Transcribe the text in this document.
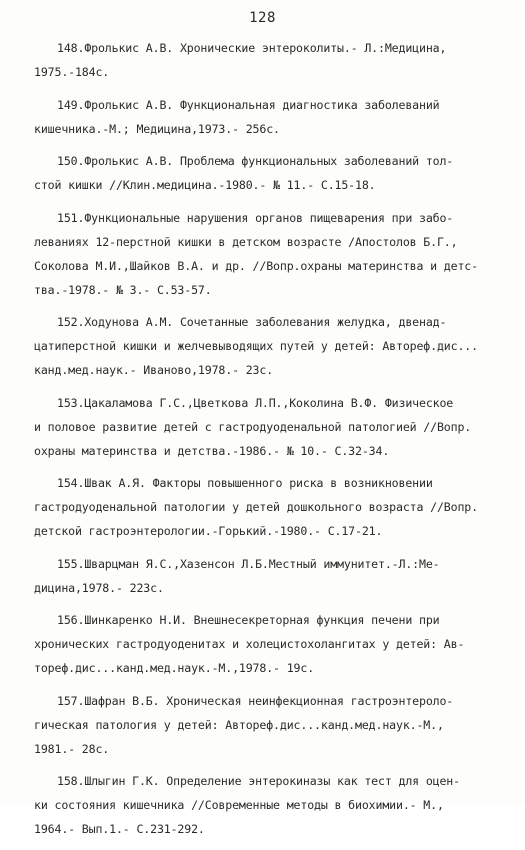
128
148.Фролькис А.В. Хронические энтероколиты.- Л.:Медицина,
1975.-184с.
149.Фролькис А.В. Функциональная диагностика заболеваний
кишечника.-М.; Медицина,1973.- 256с.
150.Фролькис А.В. Проблема функциональных заболеваний тол-
стой кишки //Клин.медицина.-1980.- № 11.- С.15-18.
151.Функциональные нарушения органов пищеварения при забо-
леваниях 12-перстной кишки в детском возрасте /Апостолов Б.Г.,
Соколова М.И.,Шайков В.А. и др. //Вопр.охраны материнства и детс-
тва.-1978.- № 3.- С.53-57.
152.Ходунова А.М. Сочетанные заболевания желудка, двенад-
цатиперстной кишки и желчевыводящих путей у детей: Автореф.дис...
канд.мед.наук.- Иваново,1978.- 23с.
153.Цакаламова Г.С.,Цветкова Л.П.,Коколина В.Ф. Физическое
и половое развитие детей с гастродуоденальной патологией //Вопр.
охраны материнства и детства.-1986.- № 10.- С.32-34.
154.Швак А.Я. Факторы повышенного риска в возникновении
гастродуоденальной патологии у детей дошкольного возраста //Вопр.
детской гастроэнтерологии.-Горький.-1980.- С.17-21.
155.Шварцман Я.С.,Хазенсон Л.Б.Местный иммунитет.-Л.:Ме-
дицина,1978.- 223с.
156.Шинкаренко Н.И. Внешнесекреторная функция печени при
хронических гастродуоденитах и холецистохолангитах у детей: Ав-
тореф.дис...канд.мед.наук.-М.,1978.- 19с.
157.Шафран В.Б. Хроническая неинфекционная гастроэнтероло-
гическая патология у детей: Автореф.дис...канд.мед.наук.-М.,
1981.- 28с.
158.Шлыгин Г.К. Определение энтерокиназы как тест для оцен-
ки состояния кишечника //Современные методы в биохимии.- М.,
1964.- Вып.1.- С.231-292.
